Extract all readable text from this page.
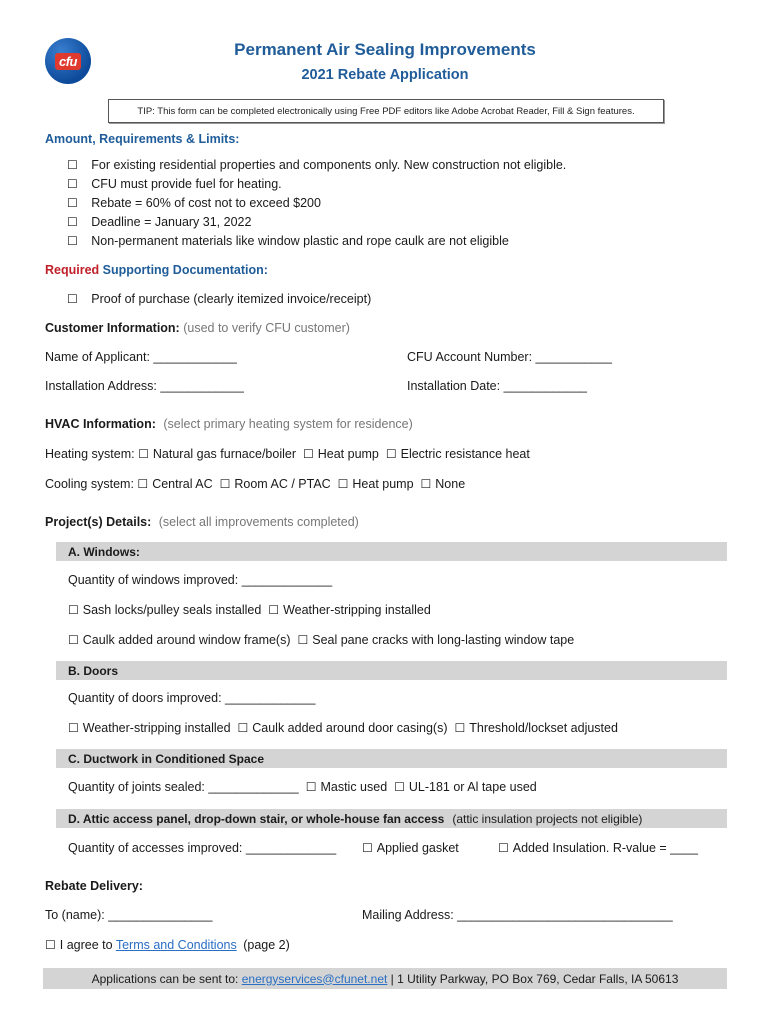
cfu
Permanent Air Sealing Improvements
2021 Rebate Application
TIP: This form can be completed electronically using Free PDF editors like Adobe Acrobat Reader, Fill & Sign features.
Amount, Requirements & Limits:
☐ For existing residential properties and components only. New construction not eligible.
☐ CFU must provide fuel for heating.
☐ Rebate = 60% of cost not to exceed $200
☐ Deadline = January 31, 2022
☐ Non-permanent materials like window plastic and rope caulk are not eligible
Required Supporting Documentation:
☐ Proof of purchase (clearly itemized invoice/receipt)
Customer Information: (used to verify CFU customer)
Name of Applicant: ____________	CFU Account Number: ___________
Installation Address: ____________	Installation Date: ____________
HVAC Information: (select primary heating system for residence)
Heating system: ☐ Natural gas furnace/boiler ☐ Heat pump ☐ Electric resistance heat
Cooling system: ☐ Central AC ☐ Room AC / PTAC ☐ Heat pump ☐ None
Project(s) Details: (select all improvements completed)
A. Windows:
Quantity of windows improved: _____________
☐ Sash locks/pulley seals installed ☐ Weather-stripping installed
☐ Caulk added around window frame(s) ☐ Seal pane cracks with long-lasting window tape
B. Doors
Quantity of doors improved: _____________
☐ Weather-stripping installed ☐ Caulk added around door casing(s) ☐ Threshold/lockset adjusted
C. Ductwork in Conditioned Space
Quantity of joints sealed: _____________ ☐ Mastic used ☐ UL-181 or Al tape used
D. Attic access panel, drop-down stair, or whole-house fan access (attic insulation projects not eligible)
Quantity of accesses improved: _____________ ☐ Applied gasket	☐ Added Insulation. R-value = ____
Rebate Delivery:
To (name): _______________	Mailing Address: _______________________________
☐ I agree to Terms and Conditions (page 2)
Applications can be sent to:
energyservices@cfunet.net
| 1 Utility Parkway, PO Box 769, Cedar Falls, IA 50613
